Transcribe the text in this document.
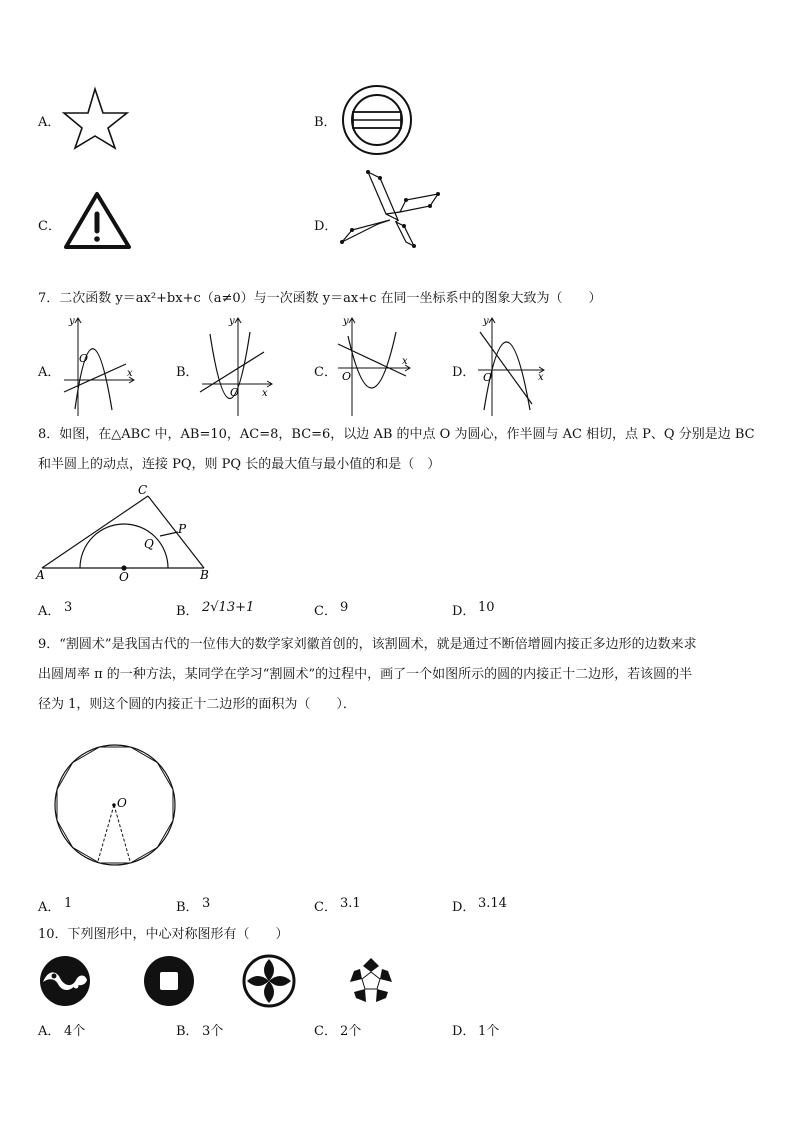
A．	B．
C．	D．
7．二次函数 y＝ax²+bx+c（a≠0）与一次函数 y＝ax+c 在同一坐标系中的图象大致为（　　）
A．
y
x
O
B．
y
x
O
C．
y
x
O	D．
y
x
O
8．如图，在△ABC 中，AB=10，AC=8，BC=6，以边 AB 的中点 O 为圆心，作半圆与 AC 相切，点 P、Q 分别是边 BC
和半圆上的动点，连接 PQ，则 PQ 长的最大值与最小值的和是（　）
A	B
C
O
P
Q
A． 3	B． 2√13+1	C． 9	D． 10
9．“割圆术”是我国古代的一位伟大的数学家刘徽首创的，该割圆术，就是通过不断倍增圆内接正多边形的边数来求
出圆周率 π 的一种方法，某同学在学习“割圆术”的过程中，画了一个如图所示的圆的内接正十二边形，若该圆的半
径为 1，则这个圆的内接正十二边形的面积为（　　）．
O
A． 1	B． 3	C． 3.1	D． 3.14
10．下列图形中，中心对称图形有（　　）
A． 4个	B． 3个	C． 2个	D． 1个
